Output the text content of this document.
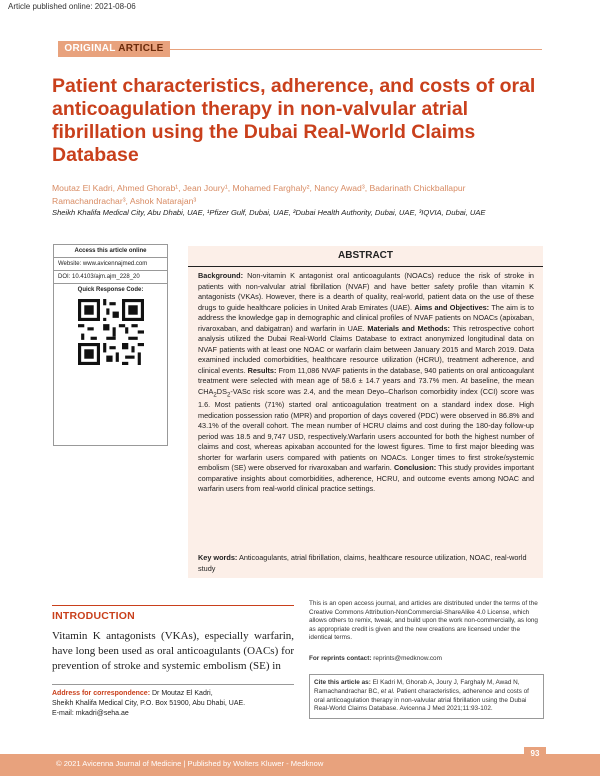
Article published online: 2021-08-06
ORIGINAL ARTICLE
Patient characteristics, adherence, and costs of oral anticoagulation therapy in non-valvular atrial fibrillation using the Dubai Real-World Claims Database
Moutaz El Kadri, Ahmed Ghorab¹, Jean Joury¹, Mohamed Farghaly², Nancy Awad³, Badarinath Chickballapur Ramachandrachar³, Ashok Natarajan³
Sheikh Khalifa Medical City, Abu Dhabi, UAE, ¹Pfizer Gulf, Dubai, UAE, ²Dubai Health Authority, Dubai, UAE, ³IQVIA, Dubai, UAE
Access this article online
Website: www.avicennajmed.com
DOI: 10.4103/ajm.ajm_228_20
Quick Response Code:
ABSTRACT
Background: Non-vitamin K antagonist oral anticoagulants (NOACs) reduce the risk of stroke in patients with non-valvular atrial fibrillation (NVAF) and have better safety profile than vitamin K antagonists (VKAs). However, there is a dearth of quality, real-world, patient data on the use of these drugs to guide healthcare policies in United Arab Emirates (UAE). Aims and Objectives: The aim is to address the knowledge gap in demographic and clinical profiles of NVAF patients on NOACs (apixaban, rivaroxaban, and dabigatran) and warfarin in UAE. Materials and Methods: This retrospective cohort analysis utilized the Dubai Real-World Claims Database to extract anonymized longitudinal data on NVAF patients with at least one NOAC or warfarin claim between January 2015 and March 2019. Data examined included comorbidities, healthcare resource utilization (HCRU), treatment adherence, and clinical events. Results: From 11,086 NVAF patients in the database, 940 patients on oral anticoagulant treatment were selected with mean age of 58.6 ± 14.7 years and 73.7% men. At baseline, the mean $CHA_2DS_2$-VASc risk score was 2.4, and the mean Deyo–Charlson comorbidity index (CCI) score was 1.6. Most patients (71%) started oral anticoagulation treatment on a standard index dose. High medication possession ratio (MPR) and proportion of days covered (PDC) were observed in 86.8% and 43.1% of the overall cohort. The mean number of HCRU claims and cost during the 180-day follow-up period was 18.5 and 9,747 USD, respectively.Warfarin users accounted for both the highest number of claims and cost, whereas apixaban accounted for the lowest figures. Time to first major bleeding was shorter for warfarin users compared with patients on NOACs. Longer times to first stroke/systemic embolism (SE) were observed for rivaroxaban and warfarin. Conclusion: This study provides important comparative insights about comorbidities, adherence, HCRU, and outcome events among NOAC and warfarin users from real-world clinical practice settings.
Key words: Anticoagulants, atrial fibrillation, claims, healthcare resource utilization, NOAC, real-world study
INTRODUCTION
Vitamin K antagonists (VKAs), especially warfarin, have long been used as oral anticoagulants (OACs) for prevention of stroke and systemic embolism (SE) in
Address for correspondence: Dr Moutaz El Kadri,
Sheikh Khalifa Medical City, P.O. Box 51900, Abu Dhabi, UAE.
E-mail: mkadri@seha.ae
This is an open access journal, and articles are distributed under the terms of the Creative Commons Attribution-NonCommercial-ShareAlike 4.0 License, which allows others to remix, tweak, and build upon the work non-commercially, as long as appropriate credit is given and the new creations are licensed under the identical terms.
For reprints contact: reprints@medknow.com
Cite this article as: El Kadri M, Ghorab A, Joury J, Farghaly M, Awad N, Ramachandrachar BC, et al. Patient characteristics, adherence and costs of oral anticoagulation therapy in non-valvular atrial fibrillation using the Dubai Real-World Claims Database. Avicenna J Med 2021;11:93-102.
© 2021 Avicenna Journal of Medicine | Published by Wolters Kluwer - Medknow
93
